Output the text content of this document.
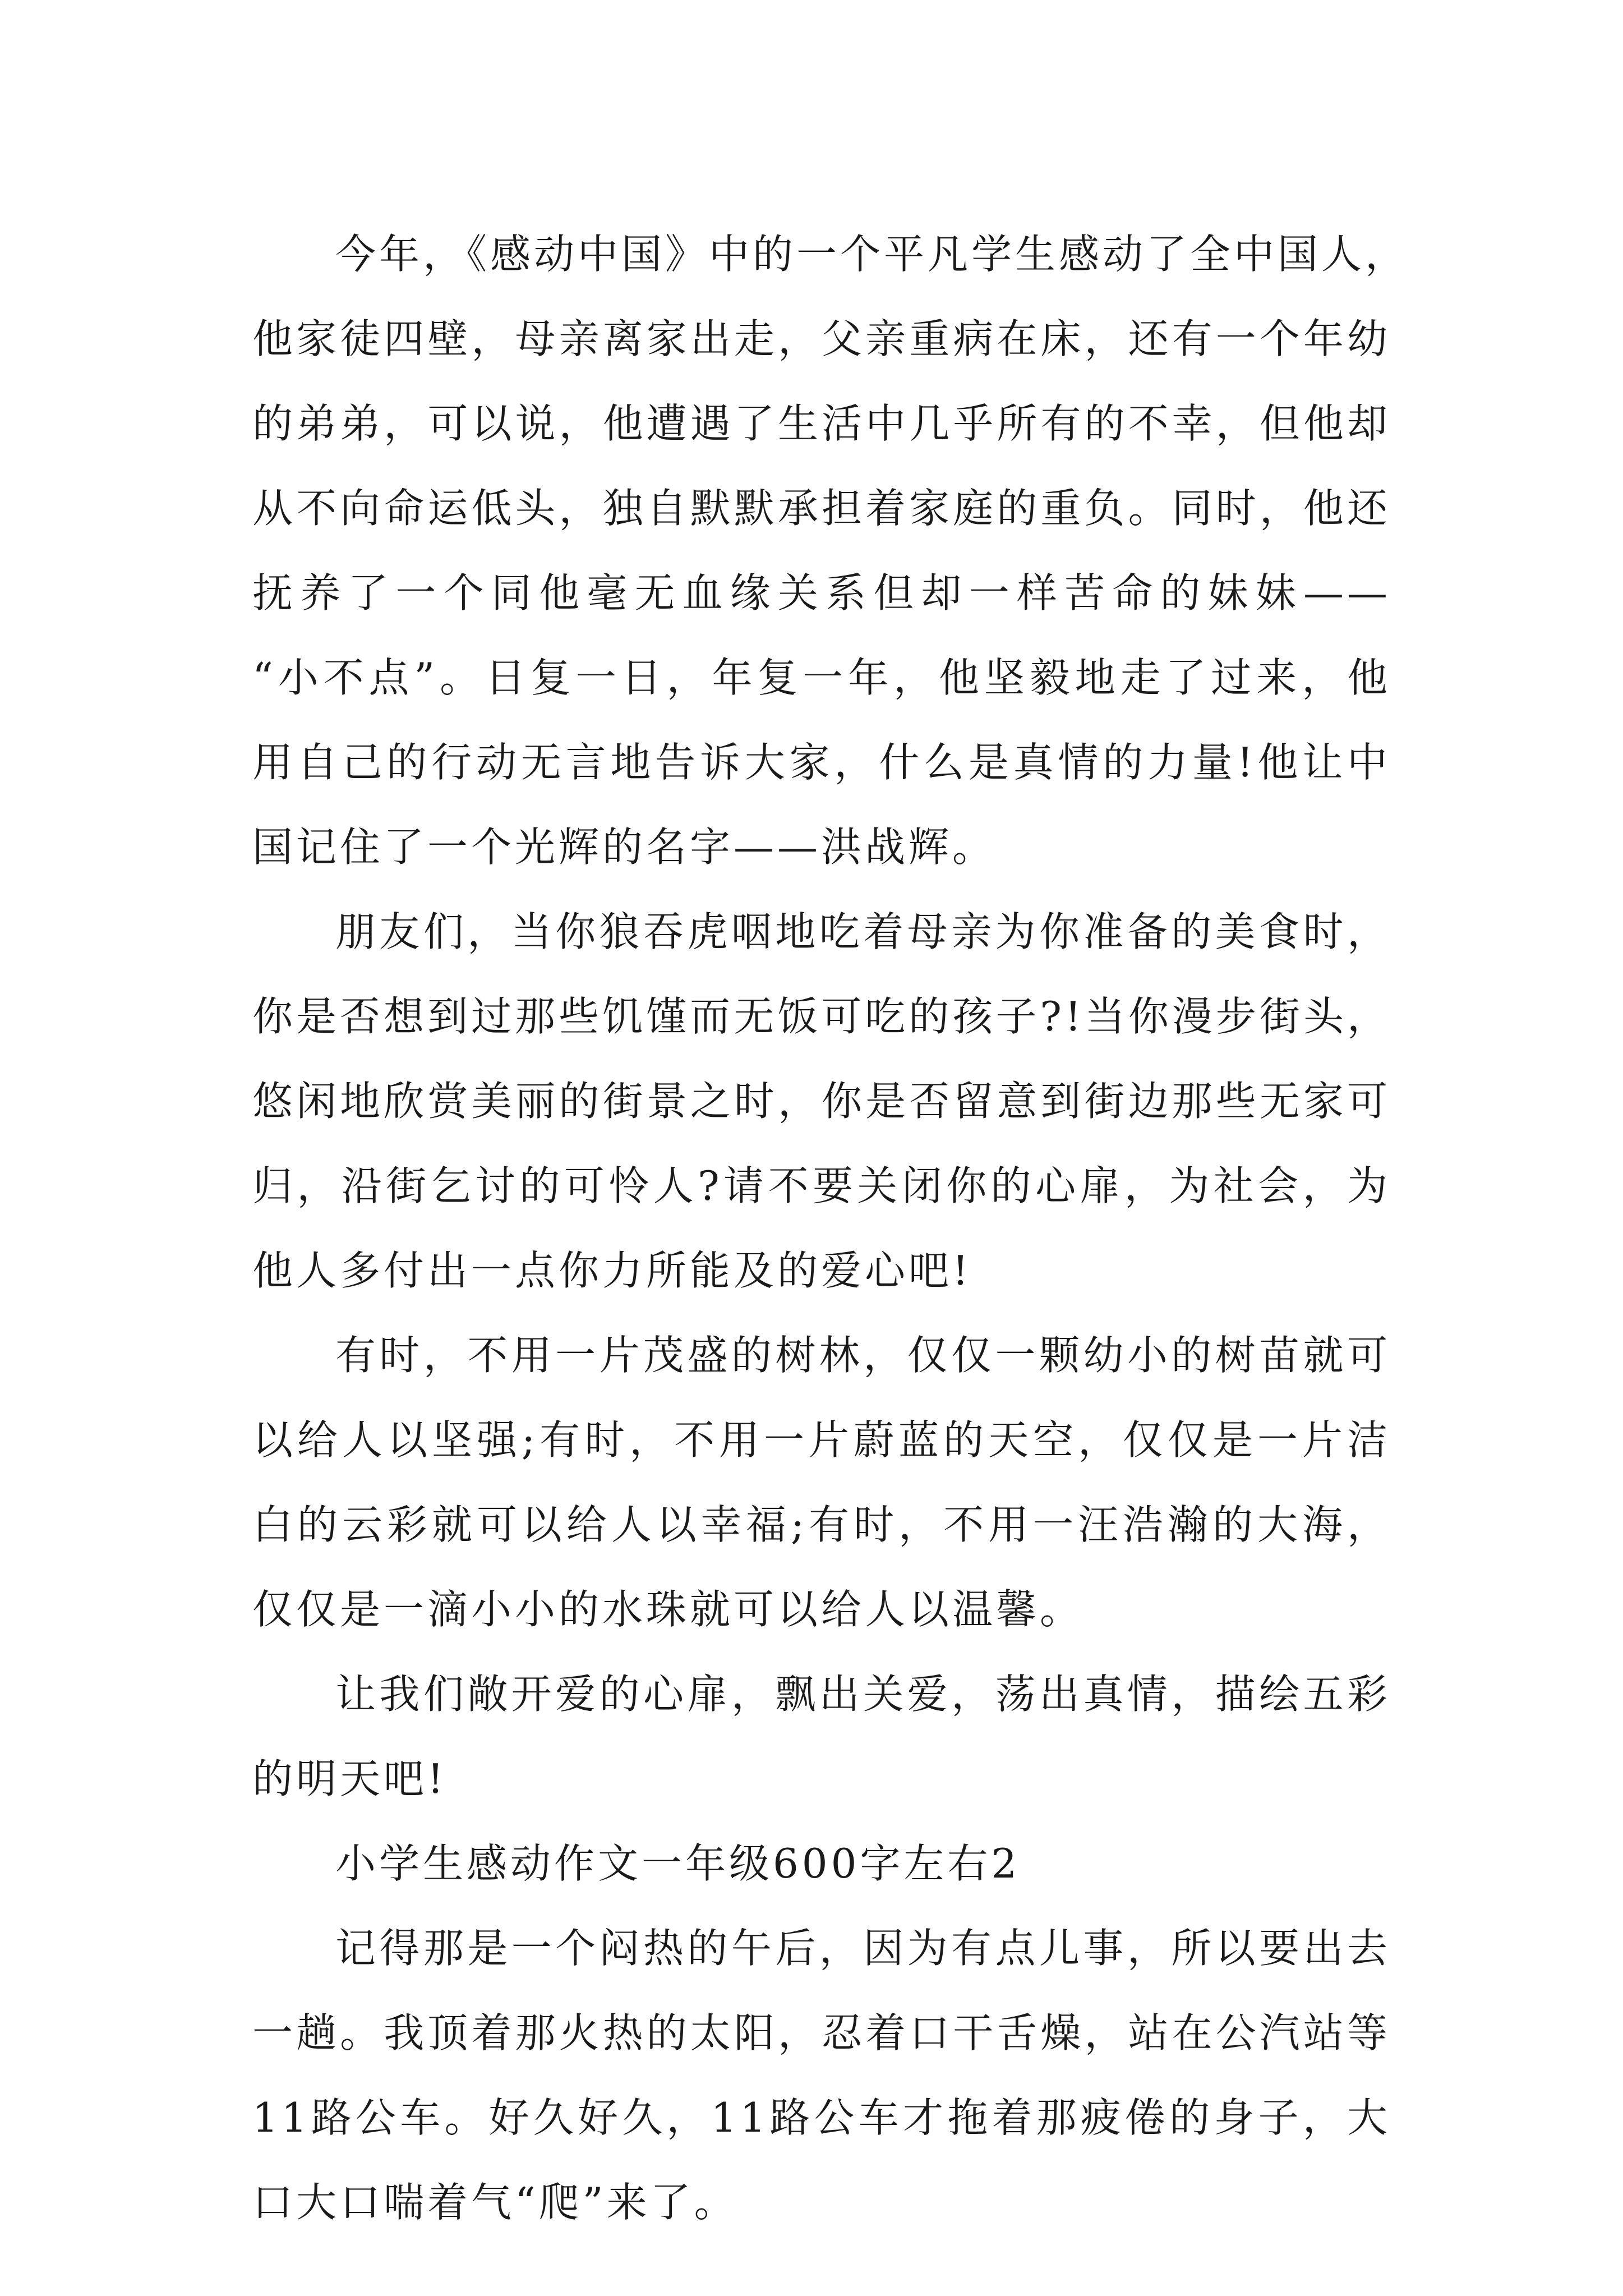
今年，《感动中国》中的一个平凡学生感动了全中国人，
他家徒四壁，母亲离家出走，父亲重病在床，还有一个年幼
的弟弟，可以说，他遭遇了生活中几乎所有的不幸，但他却
从不向命运低头，独自默默承担着家庭的重负。同时，他还
抚养了一个同他毫无血缘关系但却一样苦命的妹妹——
“小不点”。日复一日，年复一年，他坚毅地走了过来，他
用自己的行动无言地告诉大家，什么是真情的力量!他让中
国记住了一个光辉的名字——洪战辉。
朋友们，当你狼吞虎咽地吃着母亲为你准备的美食时，
你是否想到过那些饥馑而无饭可吃的孩子?!当你漫步街头，
悠闲地欣赏美丽的街景之时，你是否留意到街边那些无家可
归，沿街乞讨的可怜人?请不要关闭你的心扉，为社会，为
他人多付出一点你力所能及的爱心吧!
有时，不用一片茂盛的树林，仅仅一颗幼小的树苗就可
以给人以坚强;有时，不用一片蔚蓝的天空，仅仅是一片洁
白的云彩就可以给人以幸福;有时，不用一汪浩瀚的大海，
仅仅是一滴小小的水珠就可以给人以温馨。
让我们敞开爱的心扉，飘出关爱，荡出真情，描绘五彩
的明天吧!
小学生感动作文一年级600字左右2
记得那是一个闷热的午后，因为有点儿事，所以要出去
一趟。我顶着那火热的太阳，忍着口干舌燥，站在公汽站等
11路公车。好久好久，11路公车才拖着那疲倦的身子，大
口大口喘着气“爬”来了。
